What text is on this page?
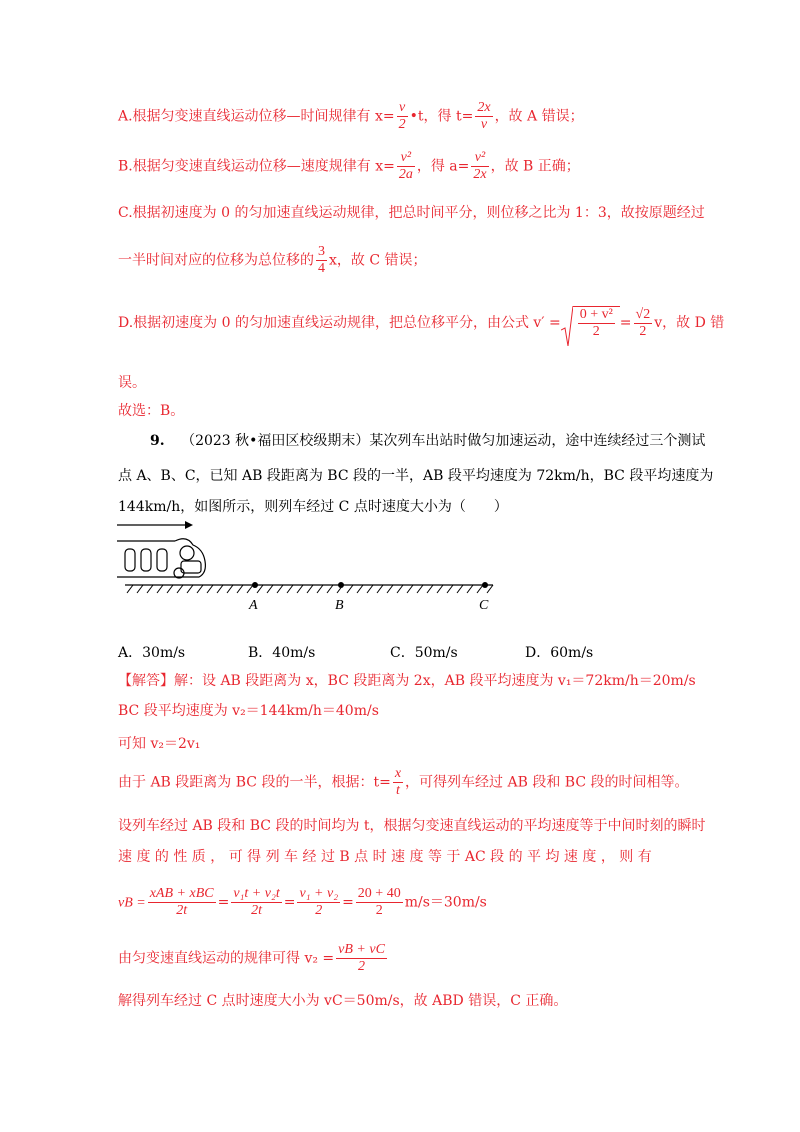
A.根据匀变速直线运动位移—时间规律有 $x= \frac{v}{2}$ •t，得 $t= \frac{2x}{v}$ ，故 A 错误；
B.根据匀变速直线运动位移—速度规律有 $x= \frac{\text{v²}}{2a}$ ，得 $a= \frac{\text{v²}}{2x}$ ，故 B 正确；
C.根据初速度为 0 的匀加速直线运动规律，把总时间平分，则位移之比为 1：3，故按原题经过
一半时间对应的位移为总位移的 $\frac{3}{4}$ x，故 C 错误；
D.根据初速度为 0 的匀加速直线运动规律，把总位移平分，由公式 $v' = \frac{\text{0 + v²}}{2} = \frac{√2}{2}$ v，故 D 错
误。
故选：B。
9. （2023 秋•福田区校级期末）某次列车出站时做匀加速运动，途中连续经过三个测试
点 A、B、C，已知 AB 段距离为 BC 段的一半，AB 段平均速度为 72km/h，BC 段平均速度为
144km/h，如图所示，则列车经过 C 点时速度大小为（　　）
A	B	C
A．30m/s	B．40m/s	C．50m/s	D．60m/s
【解答】解：设 AB 段距离为 x，BC 段距离为 2x，AB 段平均速度为 v₁＝72km/h＝20m/s
BC 段平均速度为 v₂＝144km/h＝40m/s
可知 v₂＝2v₁
由于 AB 段距离为 BC 段的一半，根据：$t= \frac{x}{t}$ ，可得列车经过 AB 段和 BC 段的时间相等。
设列车经过 AB 段和 BC 段的时间均为 t，根据匀变速直线运动的平均速度等于中间时刻的瞬时
速 度 的 性 质 ， 可 得 列 车 经 过 B 点 时 速 度 等 于 AC 段 的 平 均 速 度 ， 则 有
vB = $\frac{\text{xAB + xBC}}{2t} = \frac{\text{v₁t + v₂t}}{2t} = \frac{\text{v₁ + v₂}}{2} = \frac{20 + 40}{2} m/s=30m/s$
由匀变速直线运动的规律可得 $v_2 = \frac{vB + vC}{2}$
解得列车经过 C 点时速度大小为 vC＝50m/s，故 ABD 错误，C 正确。
